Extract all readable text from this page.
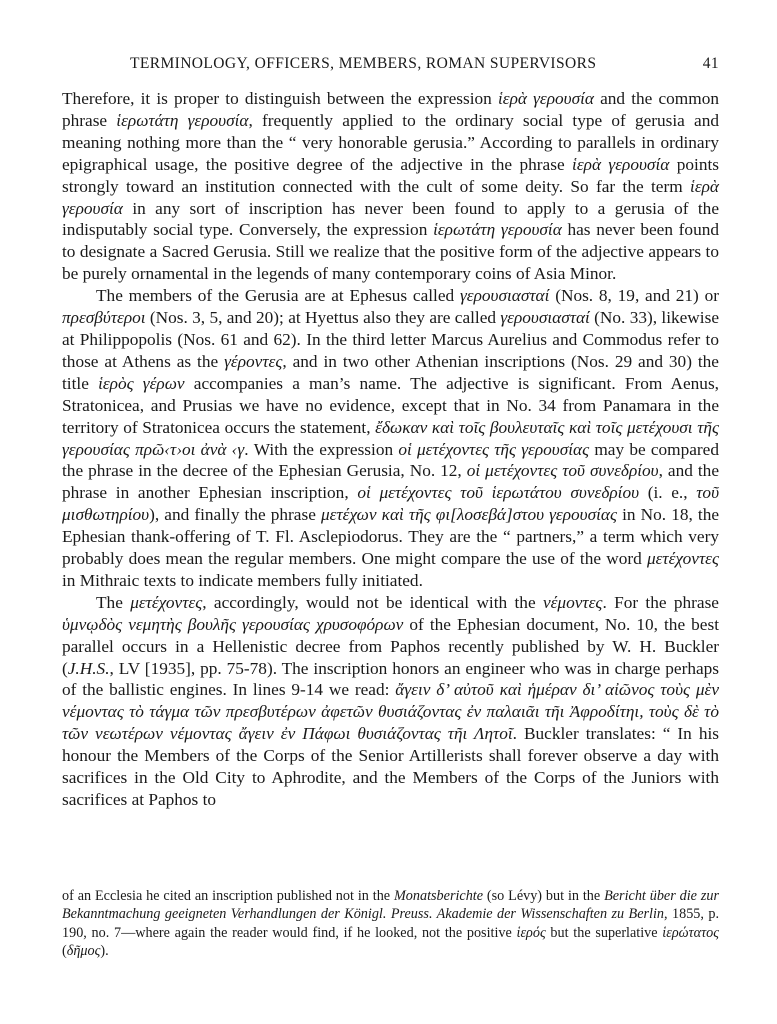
TERMINOLOGY, OFFICERS, MEMBERS, ROMAN SUPERVISORS	41

Therefore, it is proper to distinguish between the expression ἱερὰ γερουσία and the common phrase ἱερωτάτη γερουσία, frequently applied to the ordinary social type of gerusia and meaning nothing more than the “ very honorable gerusia.” According to parallels in ordinary epigraphical usage, the positive degree of the adjective in the phrase ἱερὰ γερουσία points strongly toward an institution connected with the cult of some deity. So far the term ἱερὰ γερουσία in any sort of inscription has never been found to apply to a gerusia of the indisputably social type. Conversely, the expression ἱερωτάτη γερουσία has never been found to designate a Sacred Gerusia. Still we realize that the positive form of the adjective appears to be purely ornamental in the legends of many contemporary coins of Asia Minor.

The members of the Gerusia are at Ephesus called γερουσιασταί (Nos. 8, 19, and 21) or πρεσβύτεροι (Nos. 3, 5, and 20); at Hyettus also they are called γερουσιασταί (No. 33), likewise at Philippopolis (Nos. 61 and 62). In the third letter Marcus Aurelius and Commodus refer to those at Athens as the γέροντες, and in two other Athenian inscriptions (Nos. 29 and 30) the title ἱερὸς γέρων accompanies a man’s name. The adjective is significant. From Aenus, Stratonicea, and Prusias we have no evidence, except that in No. 34 from Panamara in the territory of Stratonicea occurs the statement, ἔδωκαν καὶ τοῖς βουλευταῖς καὶ τοῖς μετέχουσι τῆς γερουσίας πρῶ‹τ›οι ἀνὰ ‹γ. With the expression οἱ μετέχοντες τῆς γερουσίας may be compared the phrase in the decree of the Ephesian Gerusia, No. 12, οἱ μετέχοντες τοῦ συνεδρίου, and the phrase in another Ephesian inscription, οἱ μετέχοντες τοῦ ἱερωτάτου συνεδρίου (i. e., τοῦ μισθωτηρίου), and finally the phrase μετέχων καὶ τῆς φι[λοσεβά]στου γερουσίας in No. 18, the Ephesian thank-offering of T. Fl. Asclepiodorus. They are the “ partners,” a term which very probably does mean the regular members. One might compare the use of the word μετέχοντες in Mithraic texts to indicate members fully initiated.

The μετέχοντες, accordingly, would not be identical with the νέμοντες. For the phrase ὑμνῳδὸς νεμητὴς βουλῆς γερουσίας χρυσοφόρων of the Ephesian document, No. 10, the best parallel occurs in a Hellenistic decree from Paphos recently published by W. H. Buckler (J.H.S., LV [1935], pp. 75-78). The inscription honors an engineer who was in charge perhaps of the ballistic engines. In lines 9-14 we read: ἄγειν δ’ αὐτοῦ καὶ ἡμέραν δι’ αἰῶνος τοὺς μὲν νέμοντας τὸ τάγμα τῶν πρεσβυτέρων ἀφετῶν θυσιάζοντας ἐν παλαιᾶι τῆι Ἀφροδίτηι, τοὺς δὲ τὸ τῶν νεωτέρων νέμοντας ἄγειν ἐν Πάφωι θυσιάζοντας τῆι Λητοῖ. Buckler translates: “ In his honour the Members of the Corps of the Senior Artillerists shall forever observe a day with sacrifices in the Old City to Aphrodite, and the Members of the Corps of the Juniors with sacrifices at Paphos to

of an Ecclesia he cited an inscription published not in the Monatsberichte (so Lévy) but in the Bericht über die zur Bekanntmachung geeigneten Verhandlungen der Königl. Preuss. Akademie der Wissenschaften zu Berlin, 1855, p. 190, no. 7—where again the reader would find, if he looked, not the positive ἱερός but the superlative ἱερώτατος (δῆμος).
